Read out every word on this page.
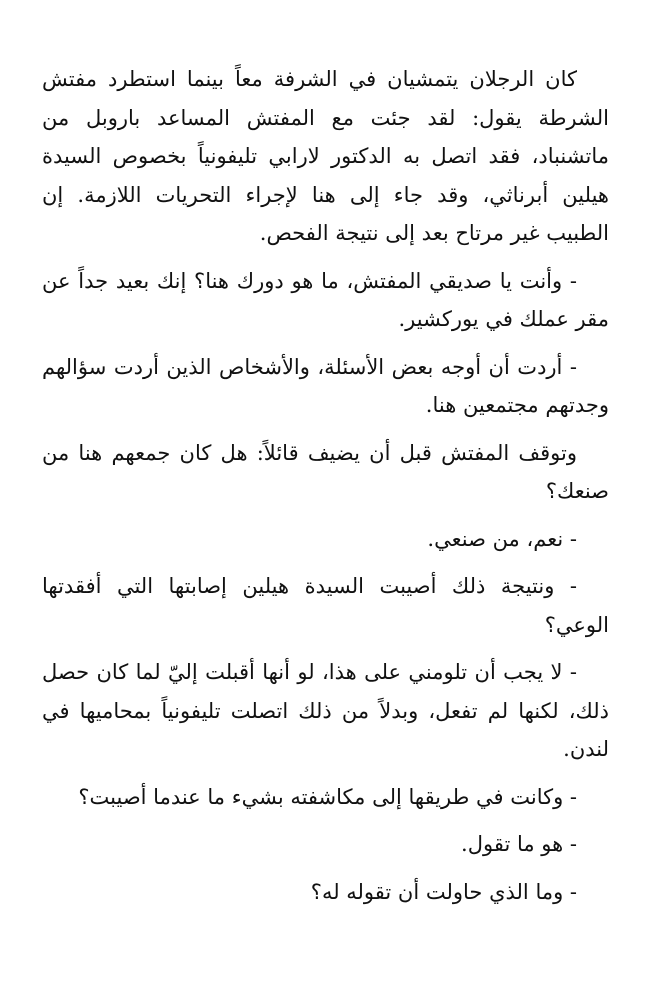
كان الرجلان يتمشيان في الشرفة معاً بينما استطرد مفتش الشرطة يقول: لقد جئت مع المفتش المساعد باروبل من ماتشنباد، فقد اتصل به الدكتور لارابي تليفونياً بخصوص السيدة هيلين أبرناثي، وقد جاء إلى هنا لإجراء التحريات اللازمة. إن الطبيب غير مرتاح بعد إلى نتيجة الفحص.

- وأنت يا صديقي المفتش، ما هو دورك هنا؟ إنك بعيد جداً عن مقر عملك في يوركشير.

- أردت أن أوجه بعض الأسئلة، والأشخاص الذين أردت سؤالهم وجدتهم مجتمعين هنا.

وتوقف المفتش قبل أن يضيف قائلاً: هل كان جمعهم هنا من صنعك؟

- نعم، من صنعي.

- ونتيجة ذلك أصيبت السيدة هيلين إصابتها التي أفقدتها الوعي؟

- لا يجب أن تلومني على هذا، لو أنها أقبلت إليّ لما كان حصل ذلك، لكنها لم تفعل، وبدلاً من ذلك اتصلت تليفونياً بمحاميها في لندن.

- وكانت في طريقها إلى مكاشفته بشيء ما عندما أصيبت؟

- هو ما تقول.

- وما الذي حاولت أن تقوله له؟
